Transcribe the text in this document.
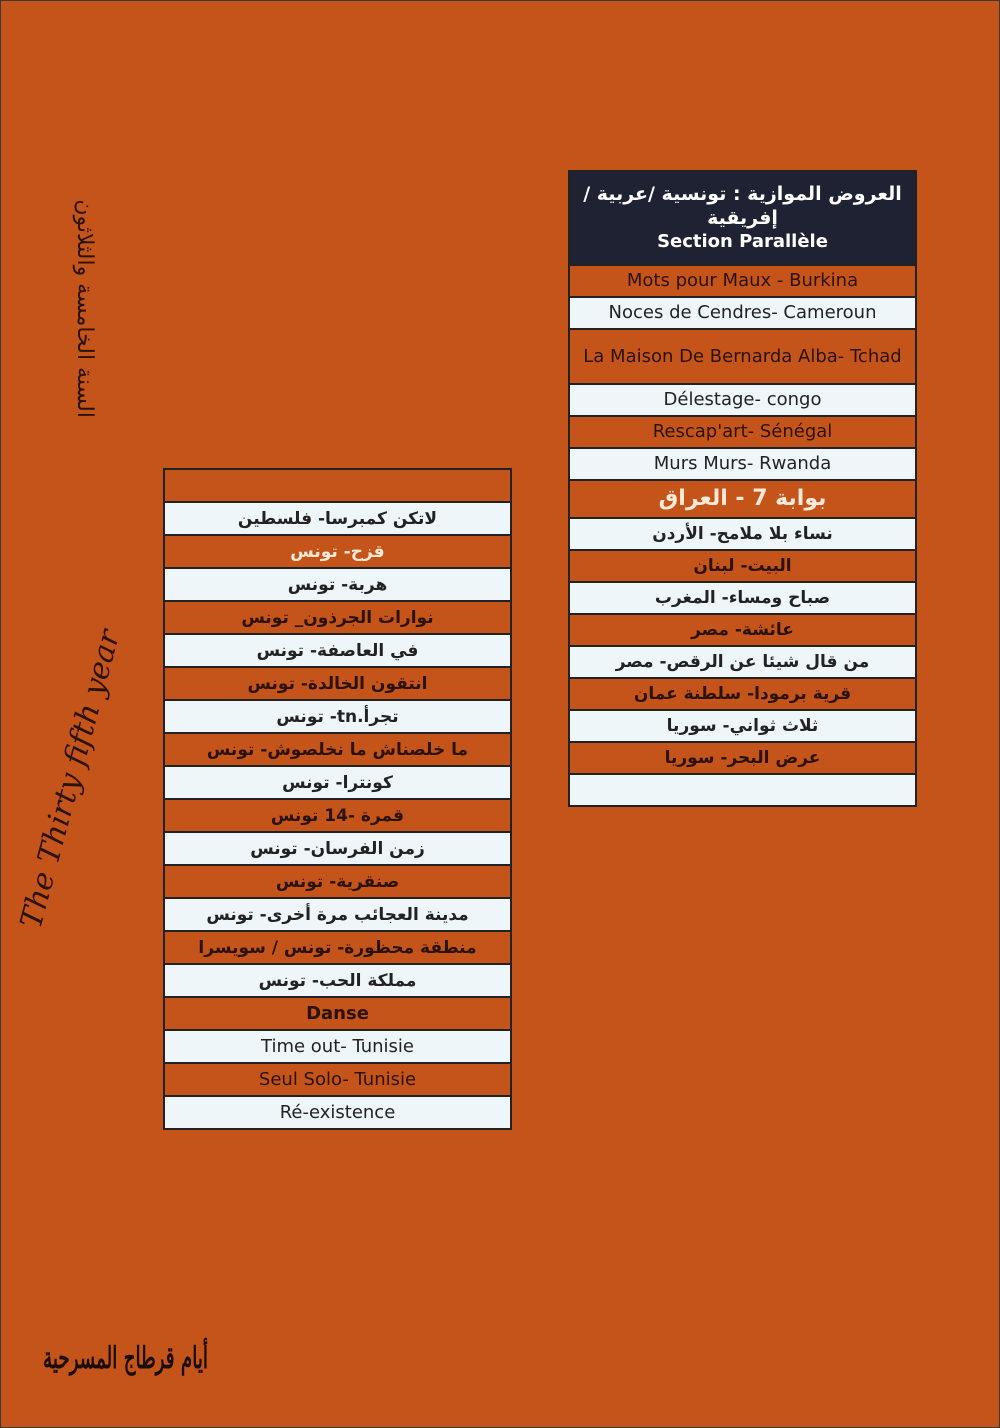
العروض الموازية : تونسية /عربية / إفريقية
Section Parallèle

Mots pour Maux - Burkina
Noces de Cendres- Cameroun
La Maison De Bernarda Alba- Tchad
Délestage- congo
Rescap'art- Sénégal
Murs Murs- Rwanda
بوابة 7 - العراق
نساء بلا ملامح- الأردن
البيت- لبنان
صباح ومساء- المغرب
عائشة- مصر
من قال شيئا عن الرقص- مصر
قرية برمودا- سلطنة عمان
ثلاث ثواني- سوريا
عرض البحر- سوريا

لاتكن كمبرسا- فلسطين
قزح- تونس
هربة- تونس
نوارات الجرذون_ تونس
في العاصفة- تونس
انتقون الخالدة- تونس
تجرأ.tn- تونس
ما خلصناش ما نخلصوش- تونس
كونترا- تونس
قمرة -14 تونس
زمن الفرسان- تونس
صنقرية- تونس
مدينة العجائب مرة أخرى- تونس
منطقة محظورة- تونس / سويسرا
مملكة الحب- تونس
Danse
Time out- Tunisie
Seul Solo- Tunisie
Ré-existence
السنة الخامسة والثلاثون
The Thirty fifth year
أيام قرطاج المسرحية
